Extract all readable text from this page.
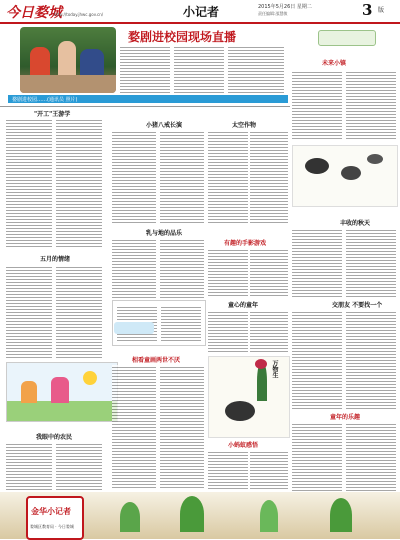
今日婺城
http://today.jhwc.gov.cn/	小记者	2015年5月26日 星期二
责任编辑:邵慧敏	3 版
婺剧进校园现场直播
婺剧进校园……(通讯员 照片)
未来小镇
丰收的秋天
交朋友 不要找一个
童年的乐趣
"开工"王游学
五月的情绪
我眼中的农民
小猪八戒长演	太空作物
乳与地的品乐
有趣的手影游戏
童心的童年
相看童画两世不厌	万物生
小蚂蚁感悟
金华小记者
婺城区教育局 · 今日婺城
